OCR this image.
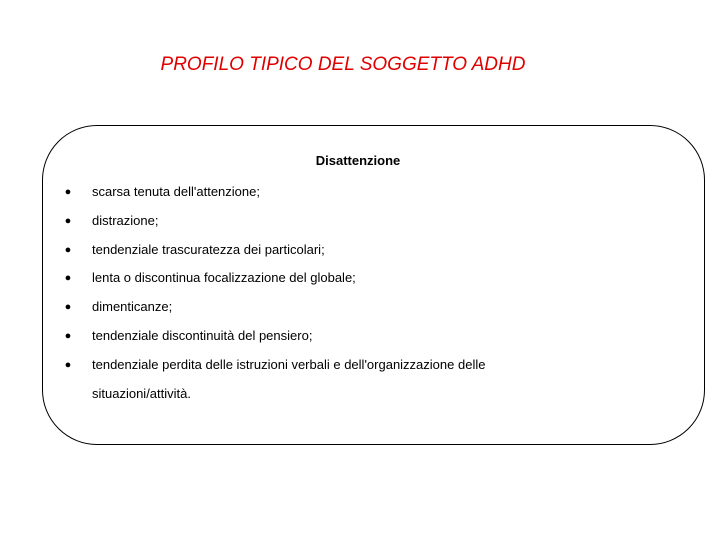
PROFILO TIPICO DEL SOGGETTO ADHD
Disattenzione
● scarsa tenuta dell'attenzione;
● distrazione;
● tendenziale trascuratezza dei particolari;
● lenta o discontinua focalizzazione del globale;
● dimenticanze;
● tendenziale discontinuità del pensiero;
● tendenziale perdita delle istruzioni verbali e dell'organizzazione delle
situazioni/attività.
